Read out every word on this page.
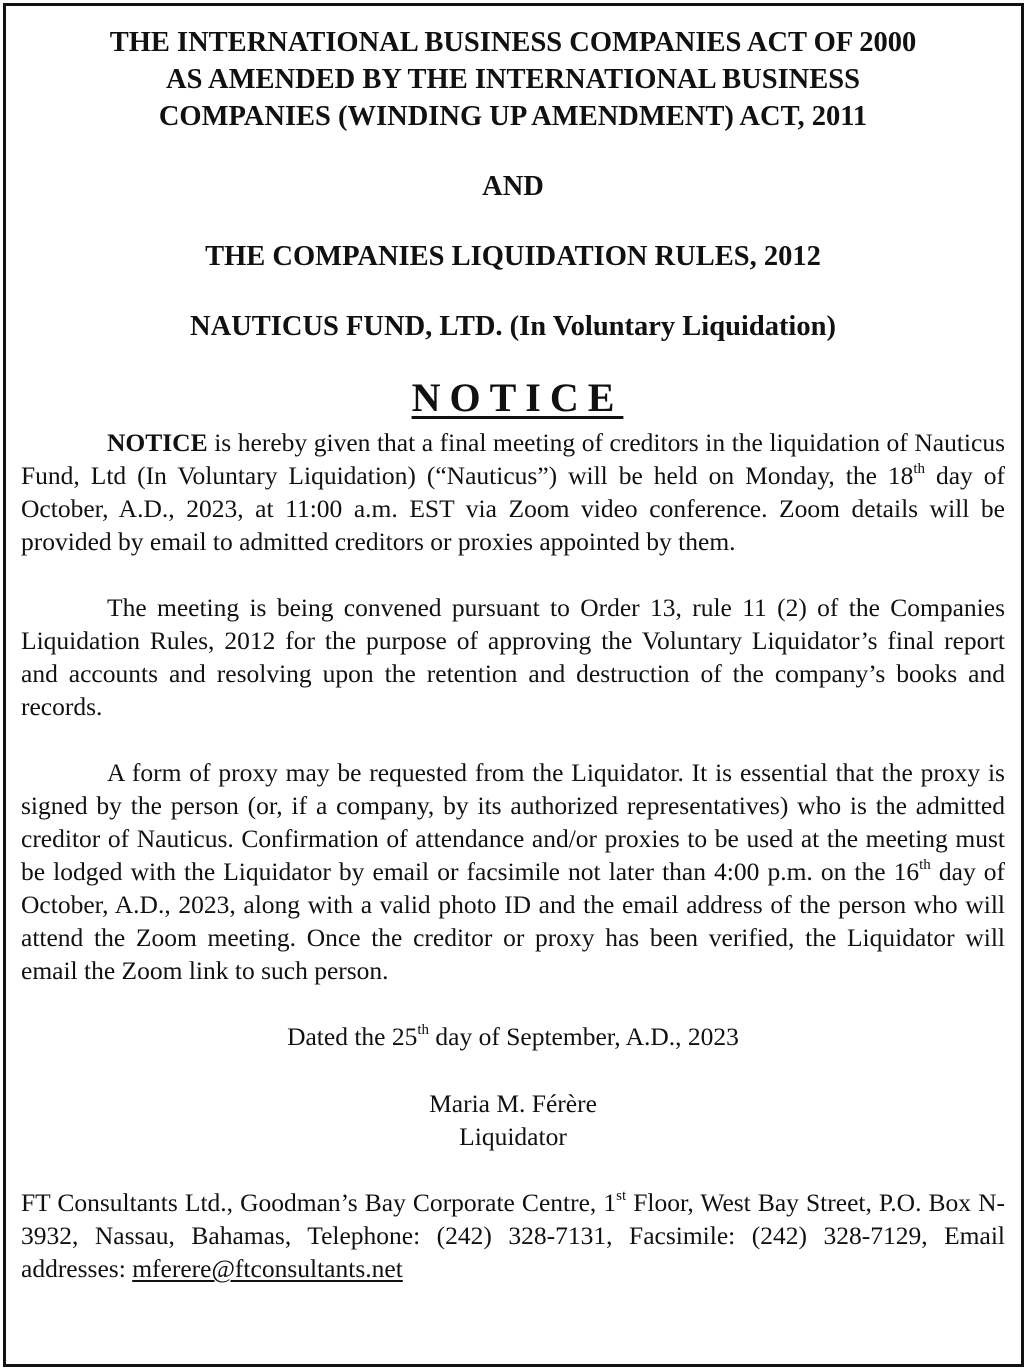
THE INTERNATIONAL BUSINESS COMPANIES ACT OF 2000

AS AMENDED BY THE INTERNATIONAL BUSINESS

COMPANIES (WINDING UP AMENDMENT) ACT, 2011

AND

THE COMPANIES LIQUIDATION RULES, 2012

NAUTICUS FUND, LTD. (In Voluntary Liquidation)

NOTICE

NOTICE is hereby given that a final meeting of creditors in the liquidation of Nauticus Fund, Ltd (In Voluntary Liquidation) (“Nauticus”) will be held on Monday, the 18th day of October, A.D., 2023, at 11:00 a.m. EST via Zoom video conference. Zoom details will be provided by email to admitted creditors or proxies appointed by them.

The meeting is being convened pursuant to Order 13, rule 11 (2) of the Companies Liquidation Rules, 2012 for the purpose of approving the Voluntary Liquidator’s final report and accounts and resolving upon the retention and destruction of the company’s books and records.

A form of proxy may be requested from the Liquidator. It is essential that the proxy is signed by the person (or, if a company, by its authorized representatives) who is the admitted creditor of Nauticus. Confirmation of attendance and/or proxies to be used at the meeting must be lodged with the Liquidator by email or facsimile not later than 4:00 p.m. on the 16th day of October, A.D., 2023, along with a valid photo ID and the email address of the person who will attend the Zoom meeting. Once the creditor or proxy has been verified, the Liquidator will email the Zoom link to such person.

Dated the 25th day of September, A.D., 2023

Maria M. Férère

Liquidator

FT Consultants Ltd., Goodman’s Bay Corporate Centre, 1st Floor, West Bay Street, P.O. Box N-3932, Nassau, Bahamas, Telephone: (242) 328-7131, Facsimile: (242) 328-7129, Email addresses: mferere@ftconsultants.net
